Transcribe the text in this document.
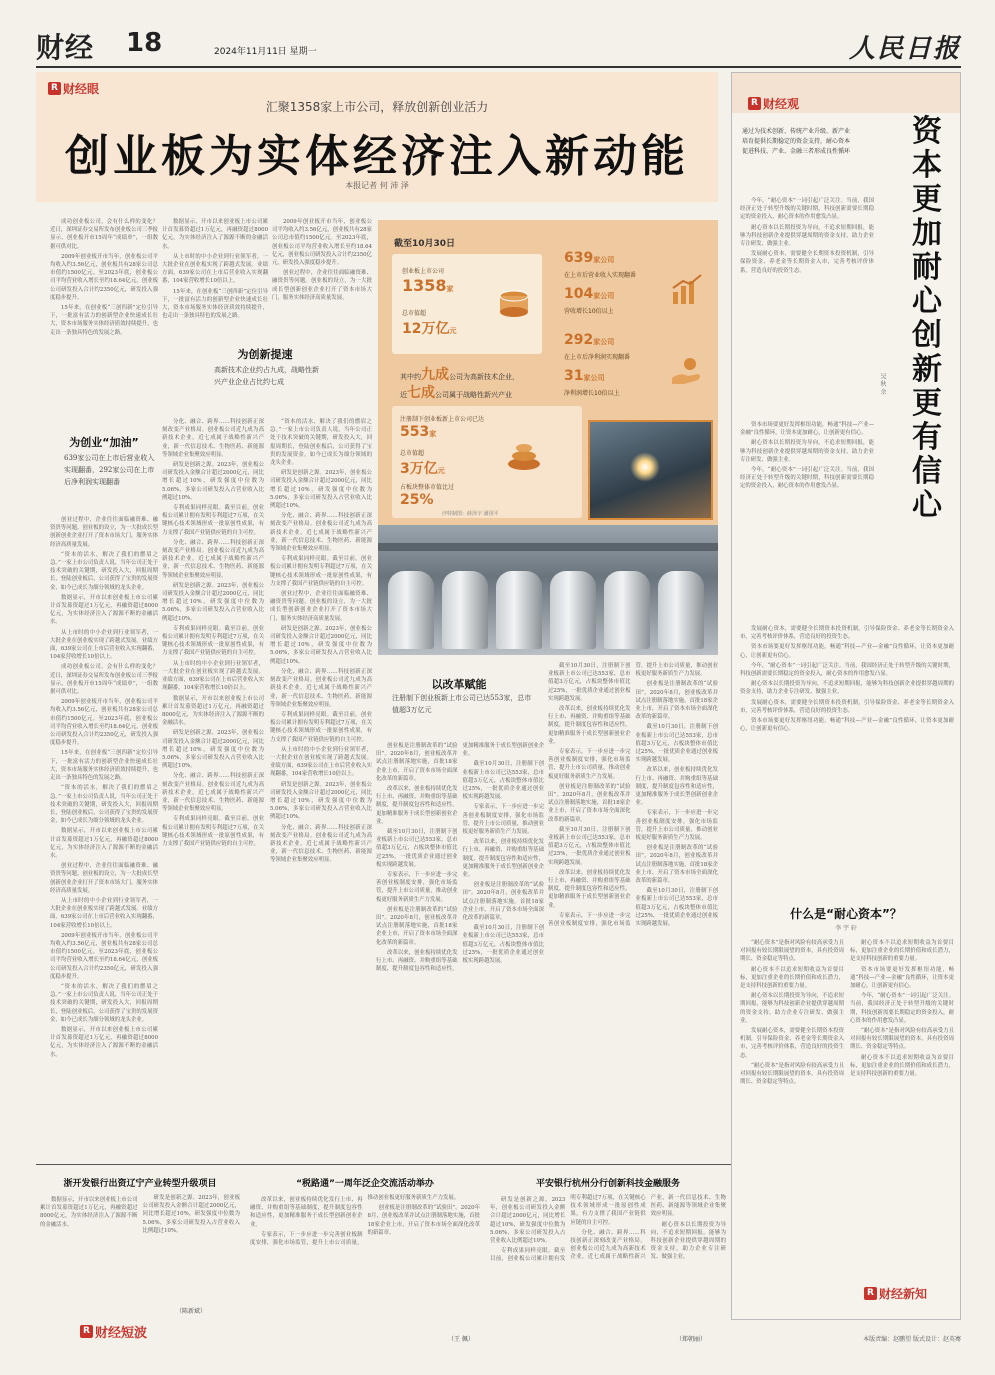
财经 18	2024年11月11日 星期一	人民日报
R 财经眼
汇聚1358家上市公司，释放创新创业活力
创业板为实体经济注入新动能
本报记者 何 沛 泽

成功创业板公司，会有什么样的变化？近日，深圳证券交易所发布创业板公司三季报显示，创业板开市15周年“成绩单”，一组数据可供对比。

2009年创业板开市当年，创业板公司平均收入约3.56亿元，创业板共有28家公司总市值约1500亿元。至2023年底，创业板公司平均营业收入增长至约18.64亿元，创业板公司研发投入合计约2350亿元，研发投入强度稳步提升。

15年来，在创业板“三创四新”定位引导下，一批富有活力的创新型企业快速成长壮大，资本市场服务实体经济质效持续提升，也走出一条独具特色的发展之路。

为创业“加油”
639家公司在上市后营业收入实现翻番，292家公司在上市后净利润实现翻番

创业过程中，企业往往面临融资难、融资贵等问题。创业板的设立，为一大批成长型创新创业企业打开了资本市场大门，服务实体经济高质量发展。

“资本的活水，解决了我们的燃眉之急。”一家上市公司负责人说，当年公司正处于技术突破的关键期，研发投入大，回报周期长，登陆创业板后，公司获得了宝贵的发展资金，如今已成长为细分领域的龙头企业。

数据显示，开市以来创业板上市公司累计首发募资超过1万亿元，再融资超过8000亿元，为实体经济注入了源源不断的金融活水。

从上市时的中小企业到行业领军者，一大批企业在创业板实现了跨越式发展。业绩方面，639家公司在上市后营业收入实现翻番，104家营收增长10倍以上。

成功创业板公司，会有什么样的变化？近日，深圳证券交易所发布创业板公司三季报显示，创业板开市15周年“成绩单”，一组数据可供对比。

2009年创业板开市当年，创业板公司平均收入约3.56亿元，创业板共有28家公司总市值约1500亿元。至2023年底，创业板公司平均营业收入增长至约18.64亿元，创业板公司研发投入合计约2350亿元，研发投入强度稳步提升。

15年来，在创业板“三创四新”定位引导下，一批富有活力的创新型企业快速成长壮大，资本市场服务实体经济质效持续提升，也走出一条独具特色的发展之路。

“资本的活水，解决了我们的燃眉之急。”一家上市公司负责人说，当年公司正处于技术突破的关键期，研发投入大，回报周期长，登陆创业板后，公司获得了宝贵的发展资金，如今已成长为细分领域的龙头企业。

数据显示，开市以来创业板上市公司累计首发募资超过1万亿元，再融资超过8000亿元，为实体经济注入了源源不断的金融活水。

创业过程中，企业往往面临融资难、融资贵等问题。创业板的设立，为一大批成长型创新创业企业打开了资本市场大门，服务实体经济高质量发展。

从上市时的中小企业到行业领军者，一大批企业在创业板实现了跨越式发展。业绩方面，639家公司在上市后营业收入实现翻番，104家营收增长10倍以上。

2009年创业板开市当年，创业板公司平均收入约3.56亿元，创业板共有28家公司总市值约1500亿元。至2023年底，创业板公司平均营业收入增长至约18.64亿元，创业板公司研发投入合计约2350亿元，研发投入强度稳步提升。

“资本的活水，解决了我们的燃眉之急。”一家上市公司负责人说，当年公司正处于技术突破的关键期，研发投入大，回报周期长，登陆创业板后，公司获得了宝贵的发展资金，如今已成长为细分领域的龙头企业。

数据显示，开市以来创业板上市公司累计首发募资超过1万亿元，再融资超过8000亿元，为实体经济注入了源源不断的金融活水。

数据显示，开市以来创业板上市公司累计首发募资超过1万亿元，再融资超过8000亿元，为实体经济注入了源源不断的金融活水。

从上市时的中小企业到行业领军者，一大批企业在创业板实现了跨越式发展。业绩方面，639家公司在上市后营业收入实现翻番，104家营收增长10倍以上。

15年来，在创业板“三创四新”定位引导下，一批富有活力的创新型企业快速成长壮大，资本市场服务实体经济质效持续提升，也走出一条独具特色的发展之路。

2009年创业板开市当年，创业板公司平均收入约3.56亿元，创业板共有28家公司总市值约1500亿元。至2023年底，创业板公司平均营业收入增长至约18.64亿元，创业板公司研发投入合计约2350亿元，研发投入强度稳步提升。

创业过程中，企业往往面临融资难、融资贵等问题。创业板的设立，为一大批成长型创新创业企业打开了资本市场大门，服务实体经济高质量发展。

为创新提速
高新技术企业约占九成，战略性新兴产业企业占比约七成

分化、融合、跨界……科技创新正深刻改变产业格局。创业板公司近九成为高新技术企业，近七成属于战略性新兴产业，新一代信息技术、生物医药、新能源等领域企业集聚效应明显。

研发是创新之源。2023年，创业板公司研发投入金额合计超过2000亿元，同比增长超过10%，研发强度中位数为5.06%，多家公司研发投入占营业收入比例超过10%。

专利成果同样亮眼。截至目前，创业板公司累计拥有发明专利超过7万项，在关键核心技术领域形成一批原创性成果，有力支撑了我国产业链供应链的自主可控。

分化、融合、跨界……科技创新正深刻改变产业格局。创业板公司近九成为高新技术企业，近七成属于战略性新兴产业，新一代信息技术、生物医药、新能源等领域企业集聚效应明显。

研发是创新之源。2023年，创业板公司研发投入金额合计超过2000亿元，同比增长超过10%，研发强度中位数为5.06%，多家公司研发投入占营业收入比例超过10%。

专利成果同样亮眼。截至目前，创业板公司累计拥有发明专利超过7万项，在关键核心技术领域形成一批原创性成果，有力支撑了我国产业链供应链的自主可控。

从上市时的中小企业到行业领军者，一大批企业在创业板实现了跨越式发展。业绩方面，639家公司在上市后营业收入实现翻番，104家营收增长10倍以上。

数据显示，开市以来创业板上市公司累计首发募资超过1万亿元，再融资超过8000亿元，为实体经济注入了源源不断的金融活水。

研发是创新之源。2023年，创业板公司研发投入金额合计超过2000亿元，同比增长超过10%，研发强度中位数为5.06%，多家公司研发投入占营业收入比例超过10%。

分化、融合、跨界……科技创新正深刻改变产业格局。创业板公司近九成为高新技术企业，近七成属于战略性新兴产业，新一代信息技术、生物医药、新能源等领域企业集聚效应明显。

专利成果同样亮眼。截至目前，创业板公司累计拥有发明专利超过7万项，在关键核心技术领域形成一批原创性成果，有力支撑了我国产业链供应链的自主可控。

“资本的活水，解决了我们的燃眉之急。”一家上市公司负责人说，当年公司正处于技术突破的关键期，研发投入大，回报周期长，登陆创业板后，公司获得了宝贵的发展资金，如今已成长为细分领域的龙头企业。

研发是创新之源。2023年，创业板公司研发投入金额合计超过2000亿元，同比增长超过10%，研发强度中位数为5.06%，多家公司研发投入占营业收入比例超过10%。

分化、融合、跨界……科技创新正深刻改变产业格局。创业板公司近九成为高新技术企业，近七成属于战略性新兴产业，新一代信息技术、生物医药、新能源等领域企业集聚效应明显。

专利成果同样亮眼。截至目前，创业板公司累计拥有发明专利超过7万项，在关键核心技术领域形成一批原创性成果，有力支撑了我国产业链供应链的自主可控。

创业过程中，企业往往面临融资难、融资贵等问题。创业板的设立，为一大批成长型创新创业企业打开了资本市场大门，服务实体经济高质量发展。

研发是创新之源。2023年，创业板公司研发投入金额合计超过2000亿元，同比增长超过10%，研发强度中位数为5.06%，多家公司研发投入占营业收入比例超过10%。

分化、融合、跨界……科技创新正深刻改变产业格局。创业板公司近九成为高新技术企业，近七成属于战略性新兴产业，新一代信息技术、生物医药、新能源等领域企业集聚效应明显。

专利成果同样亮眼。截至目前，创业板公司累计拥有发明专利超过7万项，在关键核心技术领域形成一批原创性成果，有力支撑了我国产业链供应链的自主可控。

从上市时的中小企业到行业领军者，一大批企业在创业板实现了跨越式发展。业绩方面，639家公司在上市后营业收入实现翻番，104家营收增长10倍以上。

研发是创新之源。2023年，创业板公司研发投入金额合计超过2000亿元，同比增长超过10%，研发强度中位数为5.06%，多家公司研发投入占营业收入比例超过10%。

分化、融合、跨界……科技创新正深刻改变产业格局。创业板公司近九成为高新技术企业，近七成属于战略性新兴产业，新一代信息技术、生物医药、新能源等领域企业集聚效应明显。

截至10月30日
创业板上市公司
1358家
总市值超
12万亿元
其中约九成公司为高新技术企业，
近七成公司属于战略性新兴产业
639家公司
在上市后营业收入实现翻番
104家公司
营收增长10倍以上
292家公司
在上市后净利润实现翻番
31家公司
净利润增长10倍以上
注册制下创业板新上市公司已达
553家
总市值超
3万亿元
占板块整体市值比过
25%
沙特制图：薛泽宇 潘国平
以改革赋能
注册制下创业板新上市公司已达553家，总市值超3万亿元

创业板是注册制改革的“试验田”。2020年8月，创业板改革并试点注册制落地实施，首批18家企业上市，开启了资本市场全面深化改革的新篇章。

改革以来，创业板持续优化发行上市、再融资、并购重组等基础制度，提升制度包容性和适应性，更加精准服务于成长型创新创业企业。

截至10月30日，注册制下创业板新上市公司已达553家，总市值超3万亿元，占板块整体市值比过25%，一批优质企业通过创业板实现跨越发展。

专家表示，下一步应进一步完善创业板制度安排，强化市场监管，提升上市公司质量，推动创业板更好服务新质生产力发展。

创业板是注册制改革的“试验田”。2020年8月，创业板改革并试点注册制落地实施，首批18家企业上市，开启了资本市场全面深化改革的新篇章。

改革以来，创业板持续优化发行上市、再融资、并购重组等基础制度，提升制度包容性和适应性，更加精准服务于成长型创新创业企业。

截至10月30日，注册制下创业板新上市公司已达553家，总市值超3万亿元，占板块整体市值比过25%，一批优质企业通过创业板实现跨越发展。

专家表示，下一步应进一步完善创业板制度安排，强化市场监管，提升上市公司质量，推动创业板更好服务新质生产力发展。

改革以来，创业板持续优化发行上市、再融资、并购重组等基础制度，提升制度包容性和适应性，更加精准服务于成长型创新创业企业。

创业板是注册制改革的“试验田”。2020年8月，创业板改革并试点注册制落地实施，首批18家企业上市，开启了资本市场全面深化改革的新篇章。

截至10月30日，注册制下创业板新上市公司已达553家，总市值超3万亿元，占板块整体市值比过25%，一批优质企业通过创业板实现跨越发展。

截至10月30日，注册制下创业板新上市公司已达553家，总市值超3万亿元，占板块整体市值比过25%，一批优质企业通过创业板实现跨越发展。

改革以来，创业板持续优化发行上市、再融资、并购重组等基础制度，提升制度包容性和适应性，更加精准服务于成长型创新创业企业。

专家表示，下一步应进一步完善创业板制度安排，强化市场监管，提升上市公司质量，推动创业板更好服务新质生产力发展。

创业板是注册制改革的“试验田”。2020年8月，创业板改革并试点注册制落地实施，首批18家企业上市，开启了资本市场全面深化改革的新篇章。

截至10月30日，注册制下创业板新上市公司已达553家，总市值超3万亿元，占板块整体市值比过25%，一批优质企业通过创业板实现跨越发展。

改革以来，创业板持续优化发行上市、再融资、并购重组等基础制度，提升制度包容性和适应性，更加精准服务于成长型创新创业企业。

专家表示，下一步应进一步完善创业板制度安排，强化市场监管，提升上市公司质量，推动创业板更好服务新质生产力发展。

创业板是注册制改革的“试验田”。2020年8月，创业板改革并试点注册制落地实施，首批18家企业上市，开启了资本市场全面深化改革的新篇章。

截至10月30日，注册制下创业板新上市公司已达553家，总市值超3万亿元，占板块整体市值比过25%，一批优质企业通过创业板实现跨越发展。

改革以来，创业板持续优化发行上市、再融资、并购重组等基础制度，提升制度包容性和适应性，更加精准服务于成长型创新创业企业。

专家表示，下一步应进一步完善创业板制度安排，强化市场监管，提升上市公司质量，推动创业板更好服务新质生产力发展。

创业板是注册制改革的“试验田”。2020年8月，创业板改革并试点注册制落地实施，首批18家企业上市，开启了资本市场全面深化改革的新篇章。

截至10月30日，注册制下创业板新上市公司已达553家，总市值超3万亿元，占板块整体市值比过25%，一批优质企业通过创业板实现跨越发展。

R 财经观
资本更加耐心 创新更有信心
通过为技术创新、传统产业升级、新产业培育提供长期稳定的资金支持，耐心资本促进科技、产业、金融三者形成良性循环
吴 秋 余

今年，“耐心资本”一词引起广泛关注。当前，我国经济正处于转型升级的关键时期，科技创新需要长期稳定的资金投入，耐心资本的作用愈发凸显。

耐心资本以长期投资为导向，不追求短期回报，能够为科技创新企业提供穿越周期的资金支持，助力企业专注研发、做强主业。

发展耐心资本，需要健全长期资本投资机制，引导保险资金、养老金等长期资金入市，完善考核评价体系，营造良好的投资生态。

资本市场要更好发挥枢纽功能，畅通“科技—产业—金融”良性循环，让资本更加耐心，让创新更有信心。

耐心资本以长期投资为导向，不追求短期回报，能够为科技创新企业提供穿越周期的资金支持，助力企业专注研发、做强主业。

今年，“耐心资本”一词引起广泛关注。当前，我国经济正处于转型升级的关键时期，科技创新需要长期稳定的资金投入，耐心资本的作用愈发凸显。

发展耐心资本，需要健全长期资本投资机制，引导保险资金、养老金等长期资金入市，完善考核评价体系，营造良好的投资生态。

资本市场要更好发挥枢纽功能，畅通“科技—产业—金融”良性循环，让资本更加耐心，让创新更有信心。

今年，“耐心资本”一词引起广泛关注。当前，我国经济正处于转型升级的关键时期，科技创新需要长期稳定的资金投入，耐心资本的作用愈发凸显。

耐心资本以长期投资为导向，不追求短期回报，能够为科技创新企业提供穿越周期的资金支持，助力企业专注研发、做强主业。

发展耐心资本，需要健全长期资本投资机制，引导保险资金、养老金等长期资金入市，完善考核评价体系，营造良好的投资生态。

资本市场要更好发挥枢纽功能，畅通“科技—产业—金融”良性循环，让资本更加耐心，让创新更有信心。

什么是“耐心资本”？
李 宇 轩

“耐心资本”是指对风险有较高承受力且对回报有较长期限展望的资本，具有投资周期长、资金稳定等特点。

耐心资本不以追求短期收益为首要目标，更加注重企业的长期价值和成长潜力，是支持科技创新的重要力量。

耐心资本以长期投资为导向，不追求短期回报，能够为科技创新企业提供穿越周期的资金支持，助力企业专注研发、做强主业。

发展耐心资本，需要健全长期资本投资机制，引导保险资金、养老金等长期资金入市，完善考核评价体系，营造良好的投资生态。

“耐心资本”是指对风险有较高承受力且对回报有较长期限展望的资本，具有投资周期长、资金稳定等特点。

耐心资本不以追求短期收益为首要目标，更加注重企业的长期价值和成长潜力，是支持科技创新的重要力量。

资本市场要更好发挥枢纽功能，畅通“科技—产业—金融”良性循环，让资本更加耐心，让创新更有信心。

今年，“耐心资本”一词引起广泛关注。当前，我国经济正处于转型升级的关键时期，科技创新需要长期稳定的资金投入，耐心资本的作用愈发凸显。

“耐心资本”是指对风险有较高承受力且对回报有较长期限展望的资本，具有投资周期长、资金稳定等特点。

耐心资本不以追求短期收益为首要目标，更加注重企业的长期价值和成长潜力，是支持科技创新的重要力量。

R 财经新知
浙开发银行出资辽宁产业转型升级项目

数据显示，开市以来创业板上市公司累计首发募资超过1万亿元，再融资超过8000亿元，为实体经济注入了源源不断的金融活水。

研发是创新之源。2023年，创业板公司研发投入金额合计超过2000亿元，同比增长超过10%，研发强度中位数为5.06%，多家公司研发投入占营业收入比例超过10%。

（陈新斌）
R 财经短波
“税路通”一周年泛企交流活动举办

改革以来，创业板持续优化发行上市、再融资、并购重组等基础制度，提升制度包容性和适应性，更加精准服务于成长型创新创业企业。

专家表示，下一步应进一步完善创业板制度安排，强化市场监管，提升上市公司质量，推动创业板更好服务新质生产力发展。

创业板是注册制改革的“试验田”。2020年8月，创业板改革并试点注册制落地实施，首批18家企业上市，开启了资本市场全面深化改革的新篇章。

（王 佩）
平安银行杭州分行创新科技金融服务

研发是创新之源。2023年，创业板公司研发投入金额合计超过2000亿元，同比增长超过10%，研发强度中位数为5.06%，多家公司研发投入占营业收入比例超过10%。

专利成果同样亮眼。截至目前，创业板公司累计拥有发明专利超过7万项，在关键核心技术领域形成一批原创性成果，有力支撑了我国产业链供应链的自主可控。

分化、融合、跨界……科技创新正深刻改变产业格局。创业板公司近九成为高新技术企业，近七成属于战略性新兴产业，新一代信息技术、生物医药、新能源等领域企业集聚效应明显。

耐心资本以长期投资为导向，不追求短期回报，能够为科技创新企业提供穿越周期的资金支持，助力企业专注研发、做强主业。

（郑朝丽）	本版责编：赵鹏望 版式设计：赵英骞
